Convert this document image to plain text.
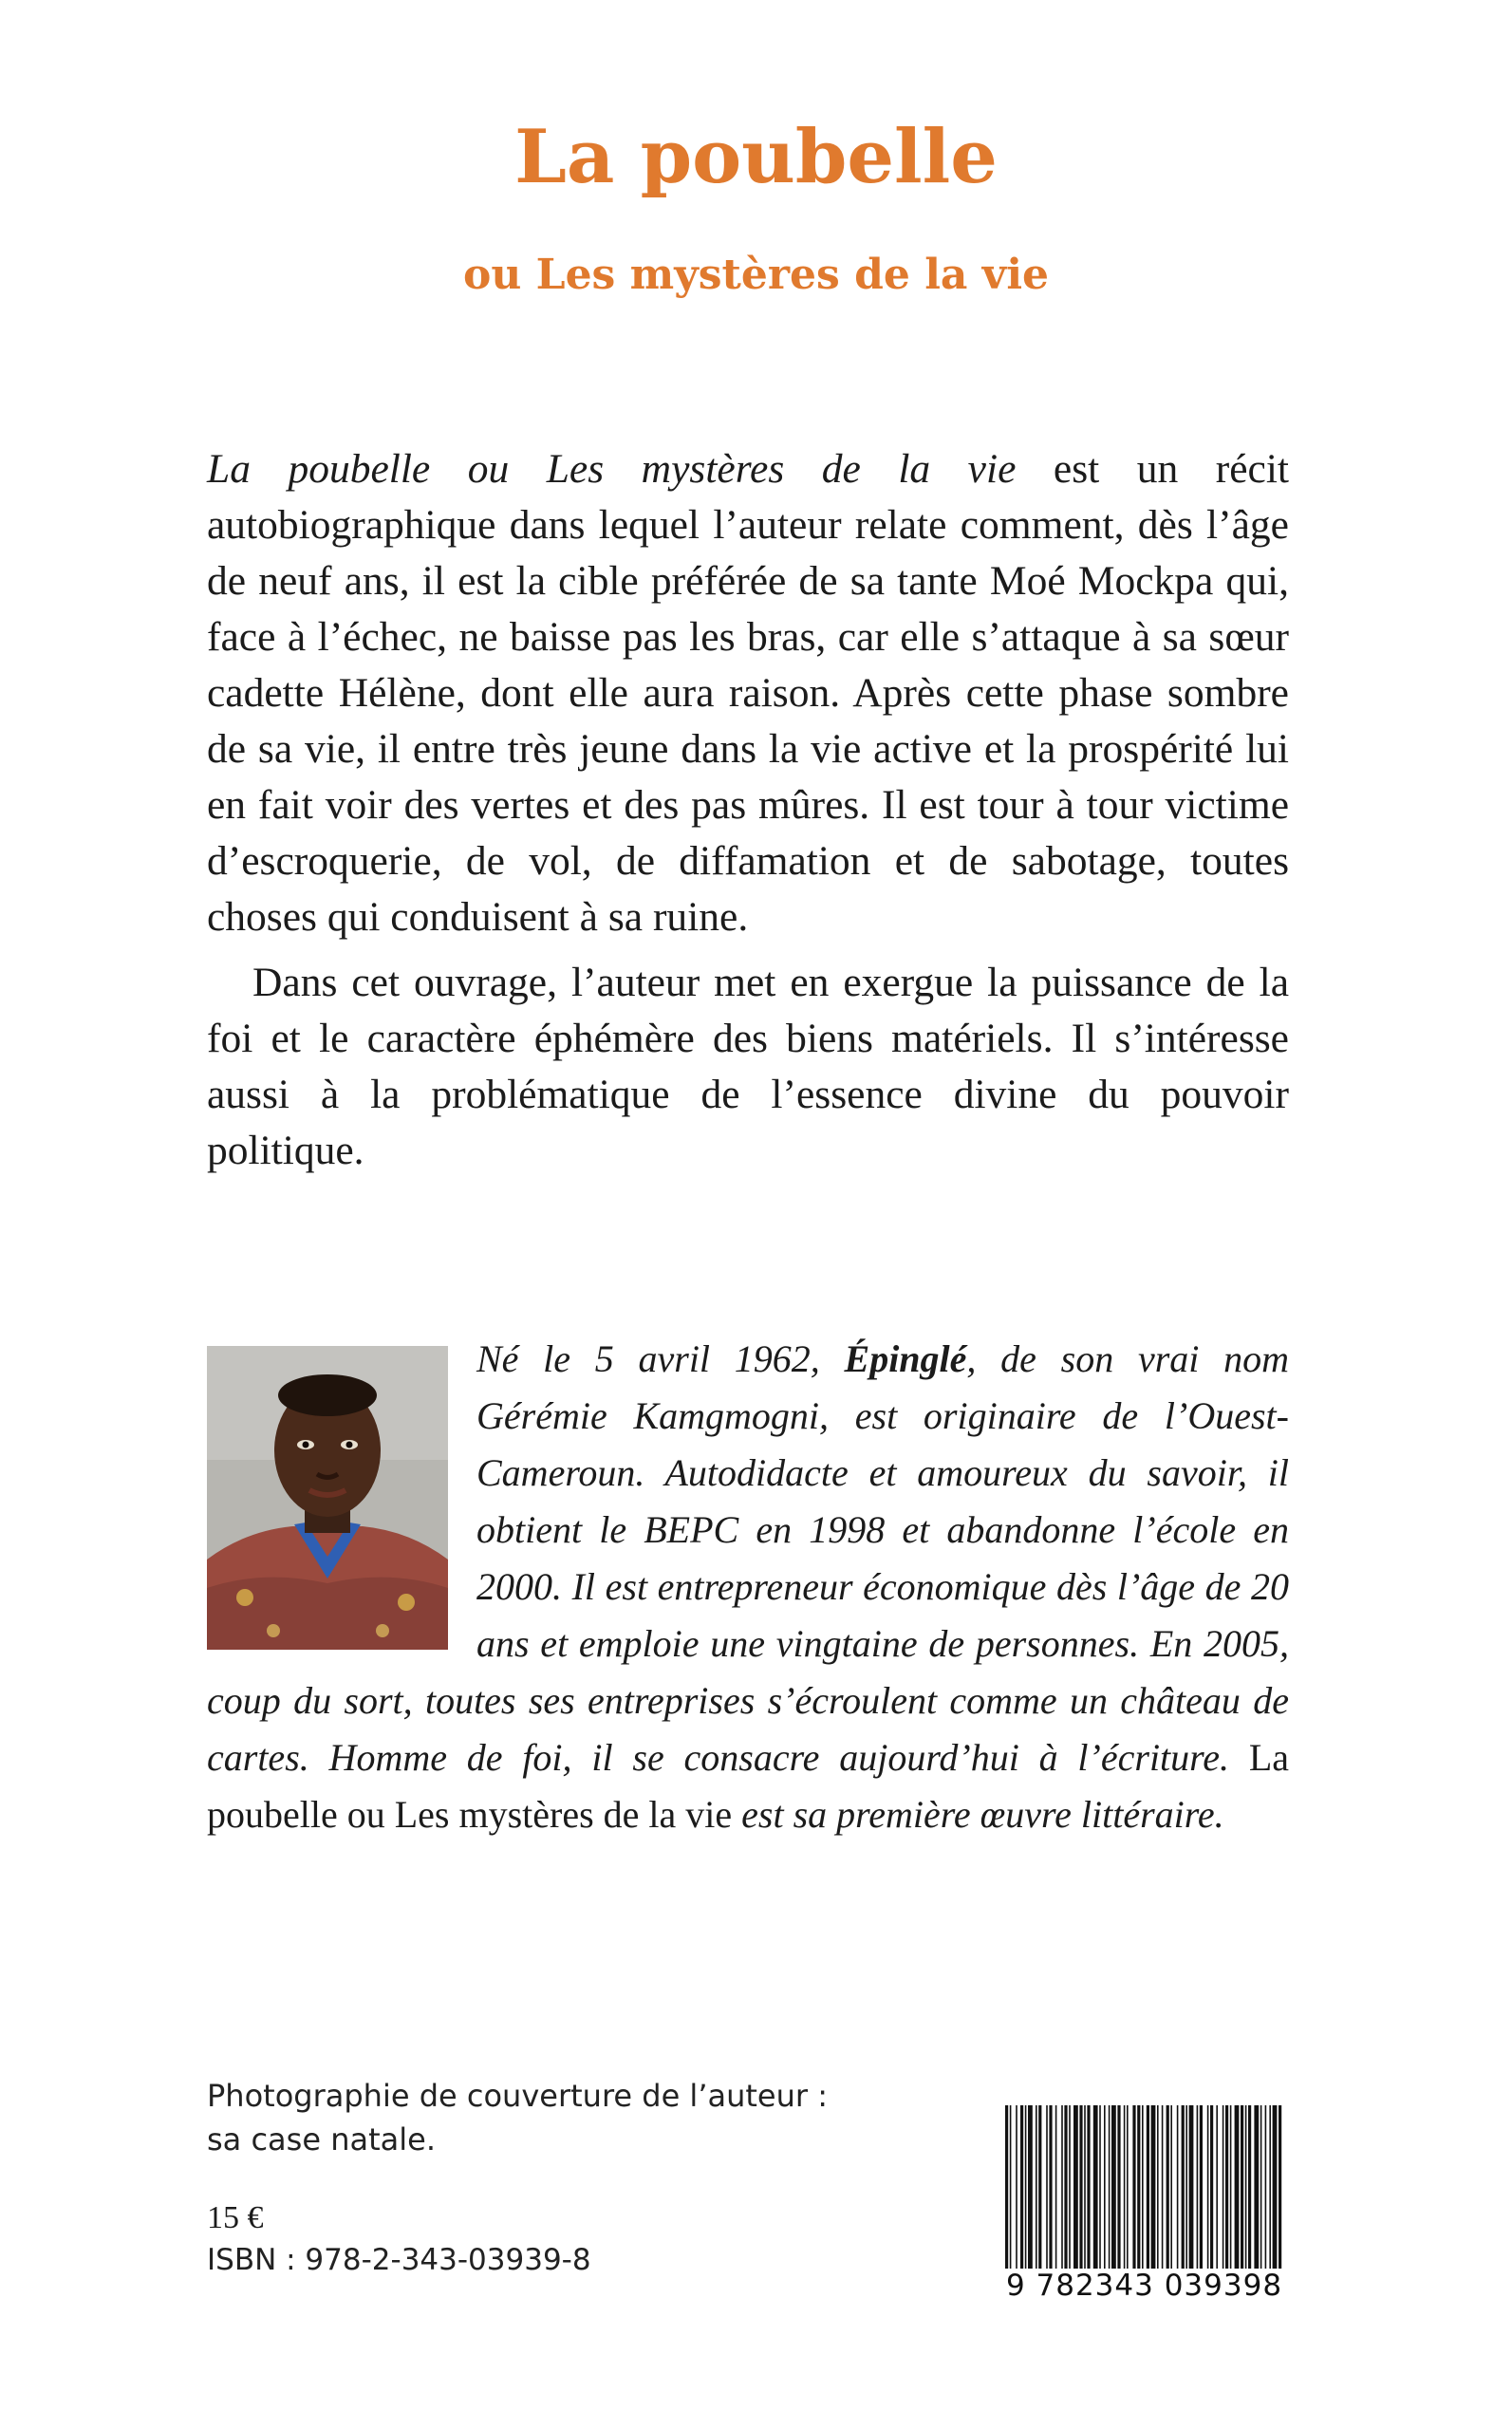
La poubelle
ou Les mystères de la vie

La poubelle ou Les mystères de la vie est un récit autobiographique dans lequel l’auteur relate comment, dès l’âge de neuf ans, il est la cible préférée de sa tante Moé Mockpa qui, face à l’échec, ne baisse pas les bras, car elle s’attaque à sa sœur cadette Hélène, dont elle aura raison. Après cette phase sombre de sa vie, il entre très jeune dans la vie active et la prospérité lui en fait voir des vertes et des pas mûres. Il est tour à tour victime d’escroquerie, de vol, de diffamation et de sabotage, toutes choses qui conduisent à sa ruine.

Dans cet ouvrage, l’auteur met en exergue la puissance de la foi et le caractère éphémère des biens matériels. Il s’intéresse aussi à la problématique de l’essence divine du pouvoir politique.

Né le 5 avril 1962, Épinglé, de son vrai nom Gérémie Kamgmogni, est originaire de l’Ouest-Cameroun. Autodidacte et amoureux du savoir, il obtient le BEPC en 1998 et abandonne l’école en 2000. Il est entrepreneur économique dès l’âge de 20 ans et emploie une vingtaine de personnes. En 2005, coup du sort, toutes ses entreprises s’écroulent comme un château de cartes. Homme de foi, il se consacre aujourd’hui à l’écriture. La poubelle ou Les mystères de la vie est sa première œuvre littéraire.

Photographie de couverture de l’auteur :
sa case natale.
15 €
ISBN : 978-2-343-03939-8
9 782343 039398
